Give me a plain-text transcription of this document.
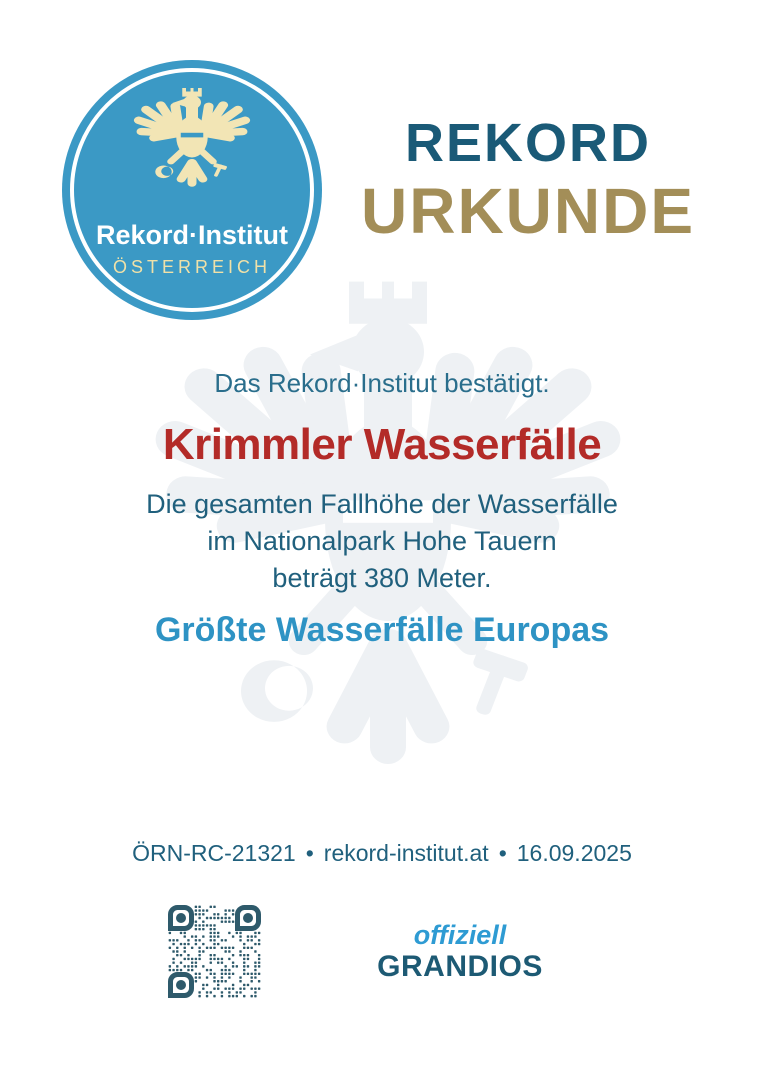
Rekord·Institut
ÖSTERREICH
REKORD
URKUNDE
Das Rekord·Institut bestätigt:
Krimmler Wasserfälle
Die gesamten Fallhöhe der Wasserfälle
im Nationalpark Hohe Tauern
beträgt 380 Meter.
Größte Wasserfälle Europas
ÖRN-RC-21321 • rekord-institut.at • 16.09.2025
offiziell
GRANDIOS
